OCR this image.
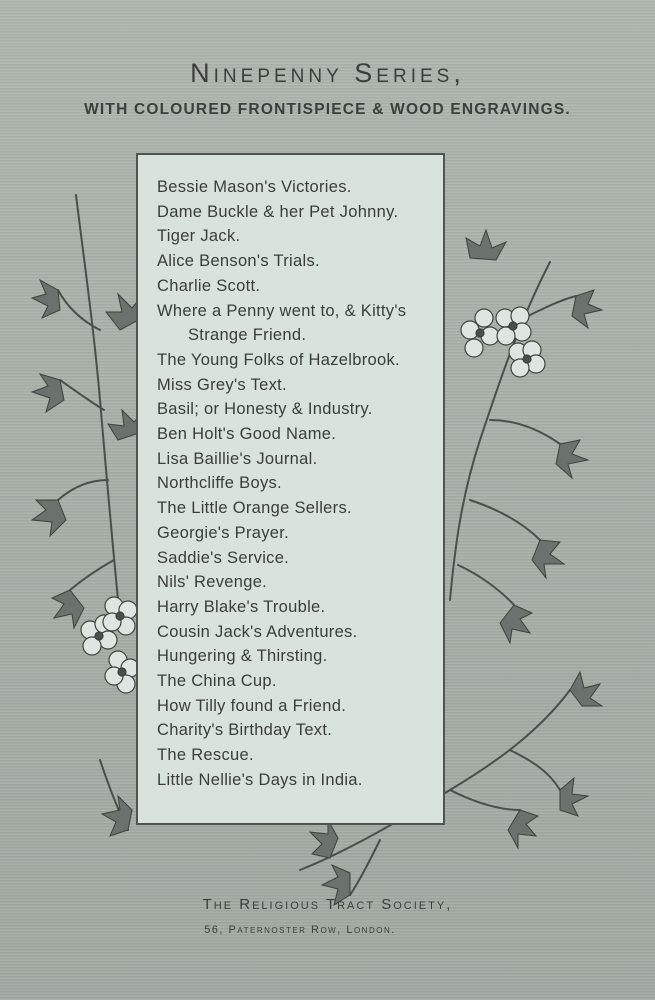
Ninepenny Series,
WITH COLOURED FRONTISPIECE & WOOD ENGRAVINGS.
Bessie Mason's Victories.
Dame Buckle & her Pet Johnny.
Tiger Jack.
Alice Benson's Trials.
Charlie Scott.
Where a Penny went to, & Kitty's
Strange Friend.
The Young Folks of Hazelbrook.
Miss Grey's Text.
Basil; or Honesty & Industry.
Ben Holt's Good Name.
Lisa Baillie's Journal.
Northcliffe Boys.
The Little Orange Sellers.
Georgie's Prayer.
Saddie's Service.
Nils' Revenge.
Harry Blake's Trouble.
Cousin Jack's Adventures.
Hungering & Thirsting.
The China Cup.
How Tilly found a Friend.
Charity's Birthday Text.
The Rescue.
Little Nellie's Days in India.
The Religious Tract Society,
56, Paternoster Row, London.
